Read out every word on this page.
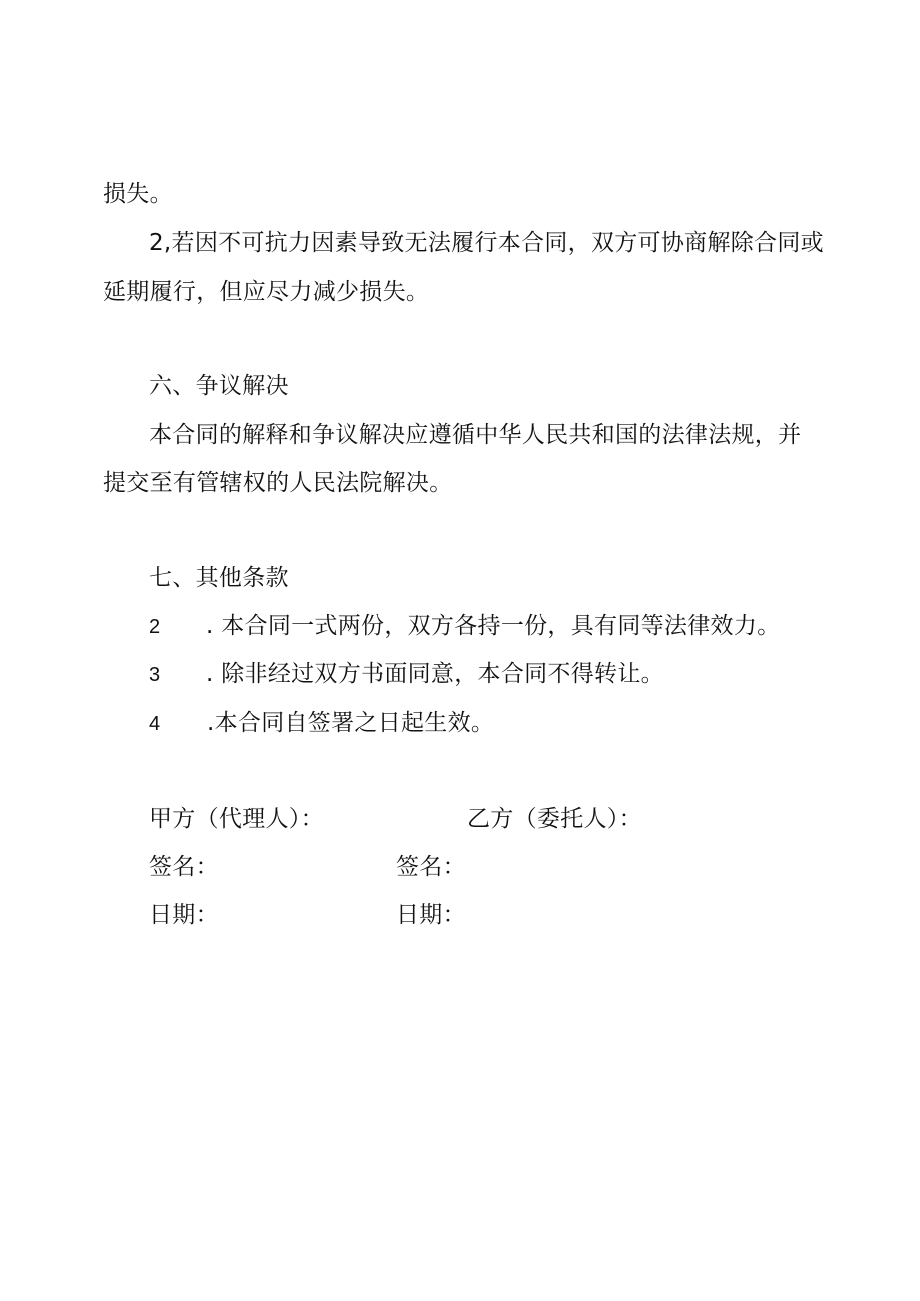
损失。
2,若因不可抗力因素导致无法履行本合同，双方可协商解除合同或
延期履行，但应尽力减少损失。
六、争议解决
本合同的解释和争议解决应遵循中华人民共和国的法律法规，并
提交至有管辖权的人民法院解决。
七、其他条款
2 . 本合同一式两份，双方各持一份，具有同等法律效力。
3 . 除非经过双方书面同意，本合同不得转让。
4 .本合同自签署之日起生效。
甲方（代理人）：	乙方（委托人）：
签名：	签名：
日期：	日期：
